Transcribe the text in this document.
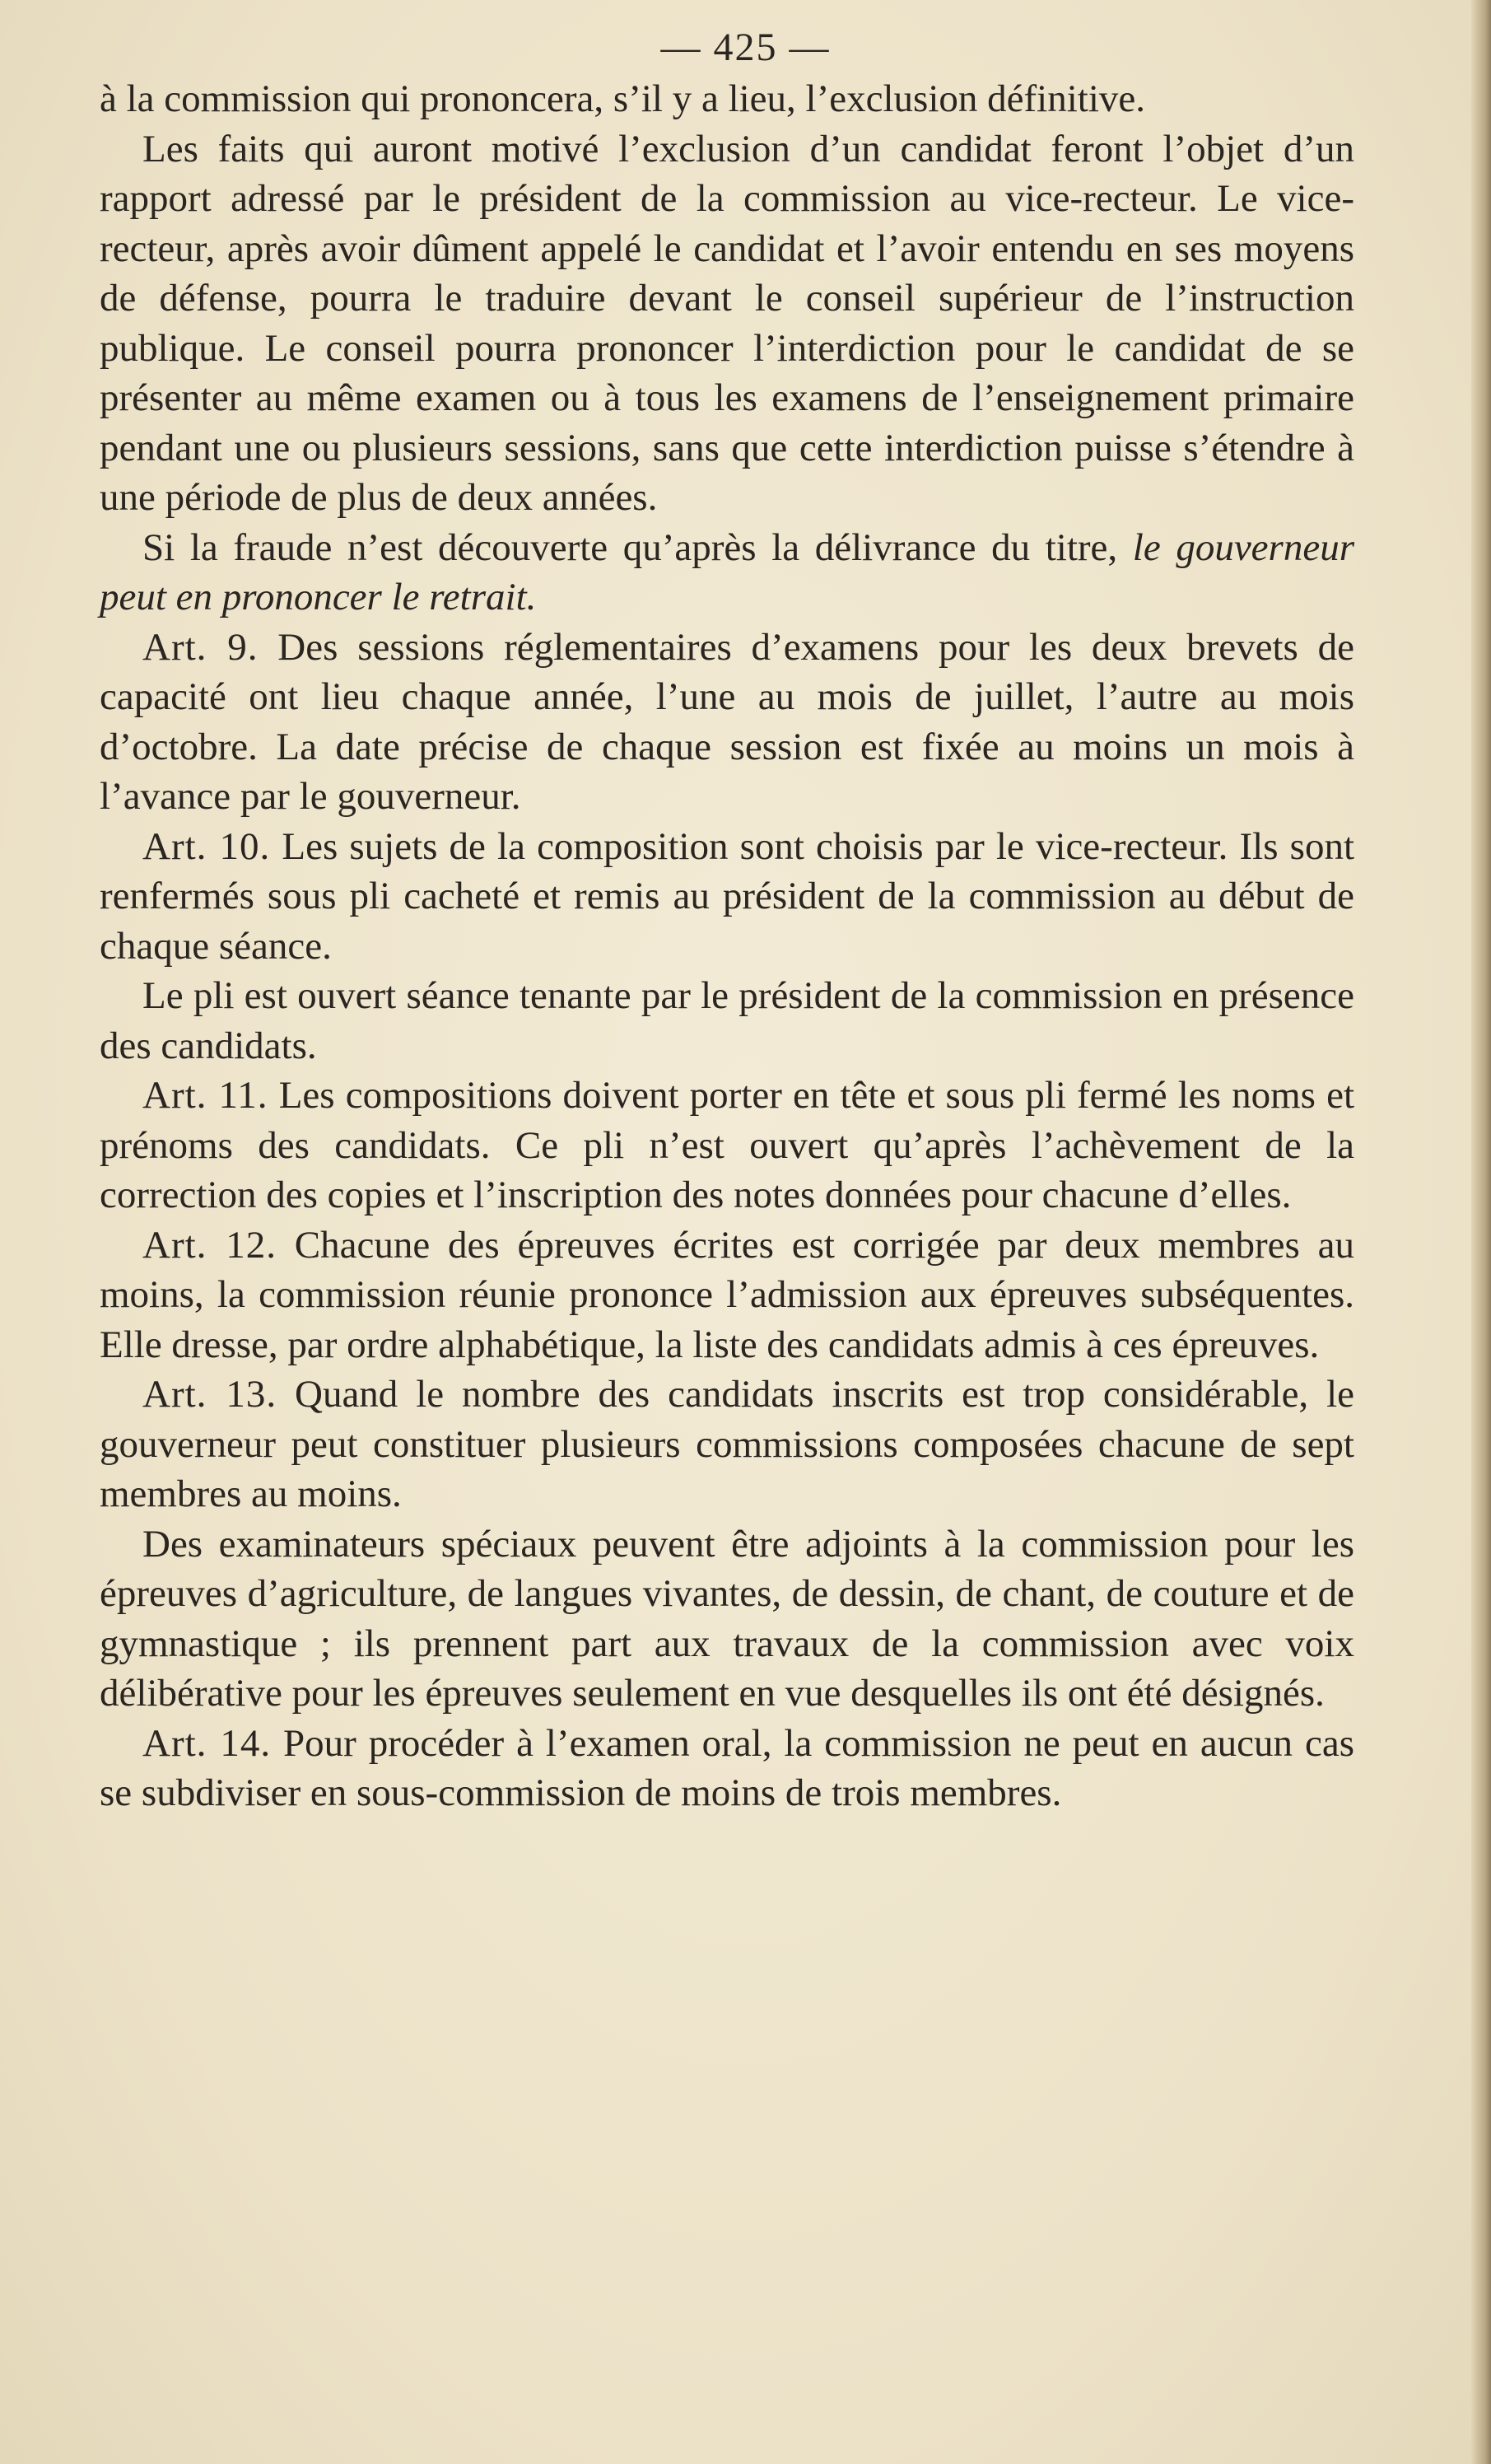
— 425 —

à la commission qui prononcera, s’il y a lieu, l’exclusion définitive.

Les faits qui auront motivé l’exclusion d’un candidat feront l’objet d’un rapport adressé par le président de la commission au vice-recteur. Le vice-recteur, après avoir dûment appelé le candidat et l’avoir entendu en ses moyens de défense, pourra le traduire devant le conseil supérieur de l’instruction publique. Le conseil pourra prononcer l’interdiction pour le candidat de se présenter au même examen ou à tous les examens de l’enseignement primaire pendant une ou plusieurs sessions, sans que cette interdiction puisse s’étendre à une période de plus de deux années.

Si la fraude n’est découverte qu’après la délivrance du titre, le gouverneur peut en prononcer le retrait.

Art. 9. Des sessions réglementaires d’examens pour les deux brevets de capacité ont lieu chaque année, l’une au mois de juillet, l’autre au mois d’octobre. La date précise de chaque session est fixée au moins un mois à l’avance par le gouverneur.

Art. 10. Les sujets de la composition sont choisis par le vice-recteur. Ils sont renfermés sous pli cacheté et remis au président de la commission au début de chaque séance.

Le pli est ouvert séance tenante par le président de la commission en présence des candidats.

Art. 11. Les compositions doivent porter en tête et sous pli fermé les noms et prénoms des candidats. Ce pli n’est ouvert qu’après l’achèvement de la correction des copies et l’inscription des notes données pour chacune d’elles.

Art. 12. Chacune des épreuves écrites est corrigée par deux membres au moins, la commission réunie prononce l’admission aux épreuves subséquentes. Elle dresse, par ordre alphabétique, la liste des candidats admis à ces épreuves.

Art. 13. Quand le nombre des candidats inscrits est trop considérable, le gouverneur peut constituer plusieurs commissions composées chacune de sept membres au moins.

Des examinateurs spéciaux peuvent être adjoints à la commission pour les épreuves d’agriculture, de langues vivantes, de dessin, de chant, de couture et de gymnastique ; ils prennent part aux travaux de la commission avec voix délibérative pour les épreuves seulement en vue desquelles ils ont été désignés.

Art. 14. Pour procéder à l’examen oral, la commission ne peut en aucun cas se subdiviser en sous-commission de moins de trois membres.
